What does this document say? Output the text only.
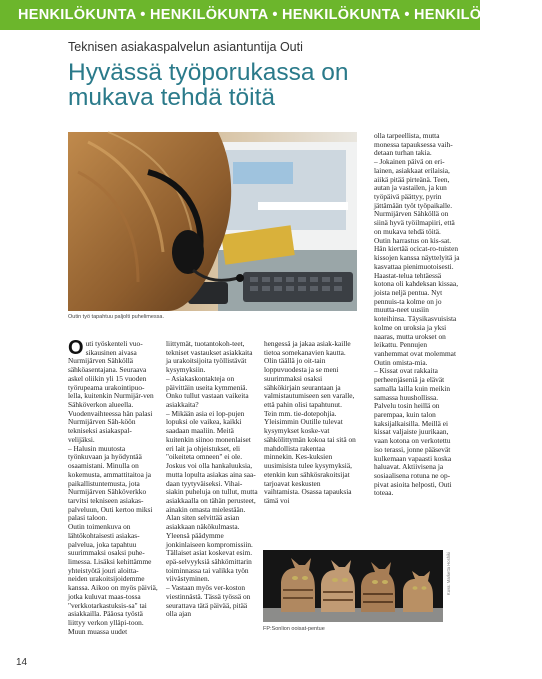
HENKILÖKUNTA • HENKILÖKUNTA • HENKILÖKUNTA • HENKILÖKUNTA •
Teknisen asiakaspalvelun asiantuntija Outi
Hyvässä työporukassa on mukava tehdä töitä
Outin työ tapahtuu paljolti puhelimessa.
O uti työskenteli vuo-sikausinen aivasa Nurmijärven Sähköllä sähköasentajana. Seuraava askel oliikin yli 15 vuoden työrupeama urakointipuo-lella, kuitenkin Nurmijär-ven Sähköverkon alueella. Vuodenvaihteessa hän palasi Nurmijärven Säh-köön tekniseksi asiakaspal-velijäksi.

– Halusin muutosta työnkuvaan ja hyödyntää osaamistani. Minulla on kokemusta, ammattitaitoa ja paikallistuntemusta, jota Nurmijärven Sähköverkko tarvitsi tekniseen asiakas-palveluun, Outi kertoo miksi palasi taloon.

Outin toimenkuva on lähtökohtaisesti asiakas-palvelua, joka tapahtuu suurimmaksi osaksi puhe-limessa. Lisäksi kehittämme yhteistyötä jouri aloitta-neiden urakoitsijoidemme kanssa. Aikoo on myös päiviä, jotka kuluvat maas-tossa "verkkotarkastuksis-sa" tai asiakkailla. Pääosa työstä liittyy verkon ylläpi-toon. Muun muassa uudet

liittymät, tuotantokoh-teet, tekniset vastaukset asiakkaita ja urakoitsijoita työllistävät kysymyksiin.

– Asiakaskontakteja on päivittäin useita kymmeniä.

Onko tullut vastaan vaikeita asiakkaita?

– Mikään asia ei lop-pujen lopuksi ole vaikea, kaikki saadaan maaliin. Meitä kuitenkin siinoo monenlaiset eri lait ja ohjeistukset, eli "oikeiteta omneen" ei ole. Joskus voi olla hankaluuksia, mutta lopulta asiakas aina saa-daan tyytyväiseksi. Vihai-siakin puheluja on tullut, mutta asiakkaalla on tähän perusteet, ainakin omasta mielestään. Alan siten selvittää asian asiakkaan näkökulmasta. Yleensä päädymme jonkinlaiseen kompromissiin. Tällaiset asiat koskevat esim. epä-selvyyksiä sähkömittarin toiminnassa tai valikka työn viivästyminen.

– Vastaan myös ver-koston viestinnästä. Tässä työssä on seurattava tätä päivää, pitää olla ajan

hengessä ja jakaa asiak-kaille tietoa somekanavien kautta. Olin täällä jo oit-tain loppuvuodesta ja se meni suurimmaksi osaksi sähkökirjain seurantaan ja valmistautumiseen sen varalle, että pahin olisi tapahtunut. Tein mm. tie-dotepohjia.

Yleisimmin Outille tulevat kysymykset koske-vat sähkölittymän kokoa tai sitä on mahdollista rakentaa minnekin. Kes-kuksien uusimisista tulee kysymyksiä, etenkin kun sähkösrakoitsijat tarjoavat keskusten vaihtamista. Osassa tapauksia tämä voi

olla tarpeellista, mutta monessa tapauksessa vaih-detaan turhan takia.

– Jokainen päivä on eri-lainen, asiakkaat erilaisia, aiikä pitää pirteänä. Teen, autan ja vastailen, ja kun työpäivä päättyy, pyrin jättämään työt työpaikalle. Nurmijärven Sähköllä on siinä hyvä työilmapiiri, että on mukava tehdä töitä.

Outin harrastus on kis-sat. Hän kiertää ocicat-ro-tuisten kissojen kanssa näyttelyitä ja kasvattaa pienimuotoisesti. Haastat-telua tehtäessä kotona oli kahdeksan kissaa, joista neljä pentua. Nyt pennuis-ta kolme on jo muutta-neet uusiin koteihinsa. Täysikasvuisista kolme on uroksia ja yksi naaras, mutta urokset on leikattu. Pennujen vanhemmat ovat molemmat Outin omista-mia.

– Kissat ovat rakkaita perheenjäseniä ja elävät samalla lailla kuin meikin samassa huushollissa. Palvelu tosin heillä on parempaa, kuin talon kaksijalkaisilla. Meillä ei kissat valjaiste juurikaan, vaan kotona on verkotettu iso terassi, jonne pääsevät kulkemaan vapaasti koska haluavat. Aktiivisena ja sosiaalisena rotuna ne op-pivat asioita helposti, Outi toteaa.

FP:Sonlion ooisat-pentue
Kuva: Marketta Hoshiki
14
